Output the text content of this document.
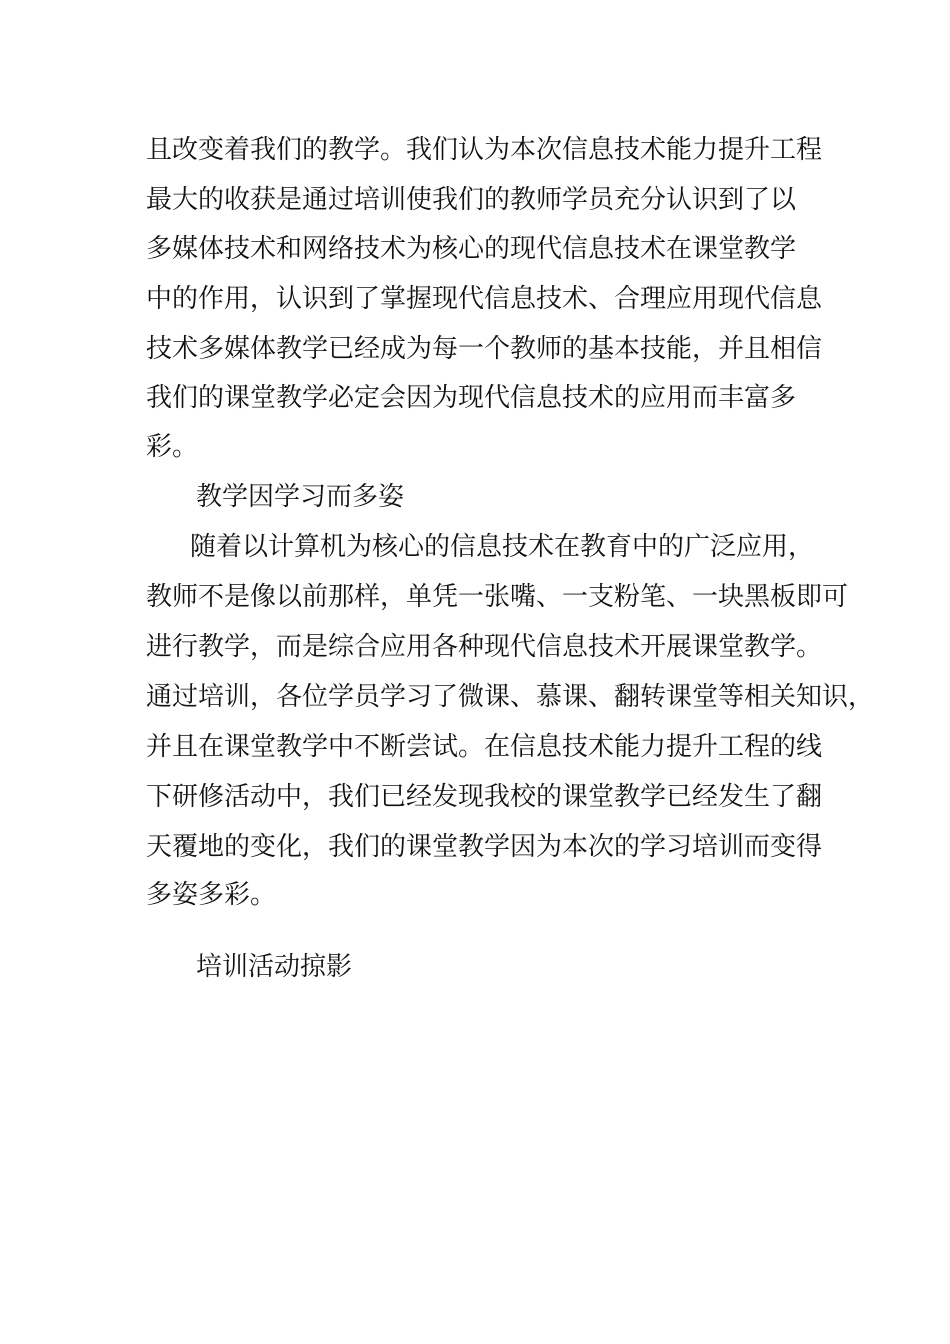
且改变着我们的教学。我们认为本次信息技术能力提升工程
最大的收获是通过培训使我们的教师学员充分认识到了以
多媒体技术和网络技术为核心的现代信息技术在课堂教学
中的作用，认识到了掌握现代信息技术、合理应用现代信息
技术多媒体教学已经成为每一个教师的基本技能，并且相信
我们的课堂教学必定会因为现代信息技术的应用而丰富多
彩。
教学因学习而多姿
随着以计算机为核心的信息技术在教育中的广泛应用，
教师不是像以前那样，单凭一张嘴、一支粉笔、一块黑板即可
进行教学，而是综合应用各种现代信息技术开展课堂教学。
通过培训，各位学员学习了微课、慕课、翻转课堂等相关知识，
并且在课堂教学中不断尝试。在信息技术能力提升工程的线
下研修活动中，我们已经发现我校的课堂教学已经发生了翻
天覆地的变化，我们的课堂教学因为本次的学习培训而变得
多姿多彩。
培训活动掠影
